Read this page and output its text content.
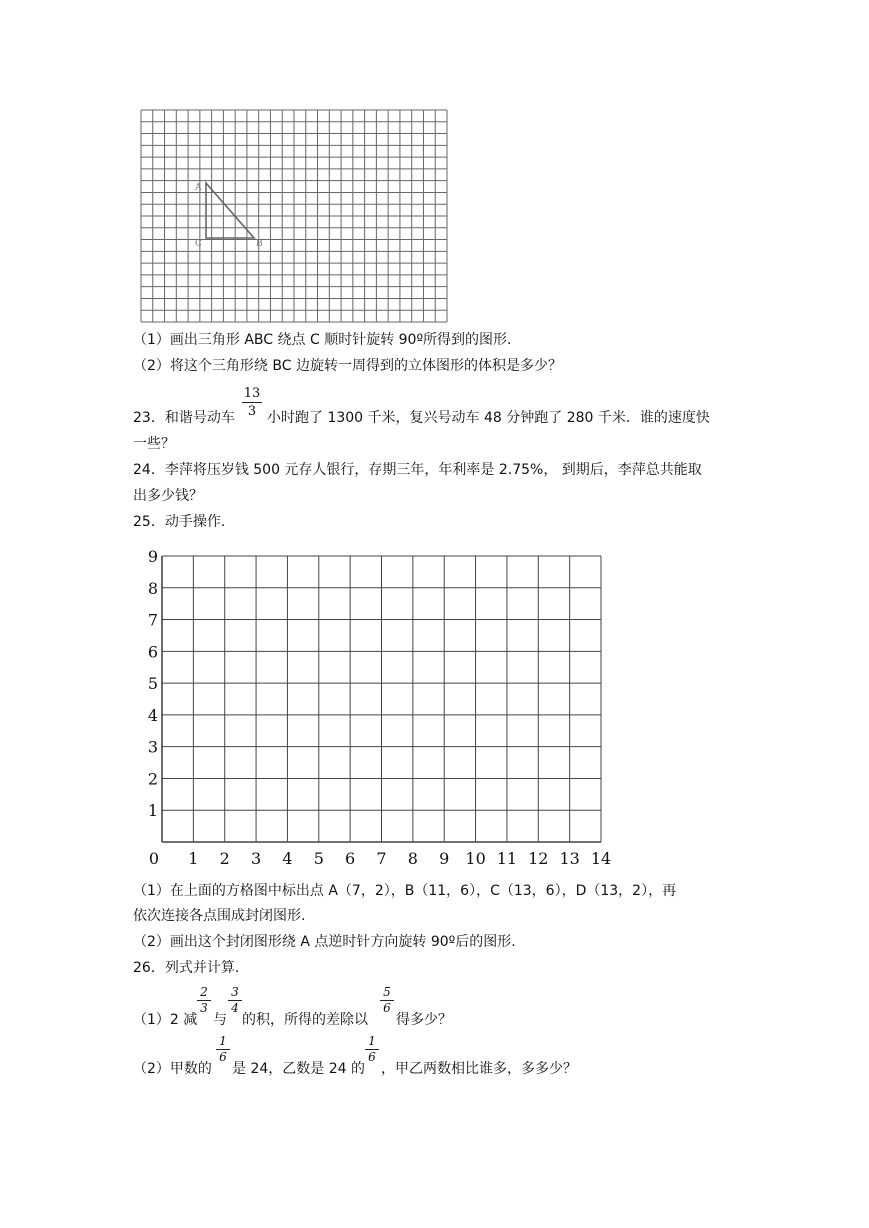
A
C	B
（1）画出三角形 ABC 绕点 C 顺时针旋转 90º所得到的图形.
（2）将这个三角形绕 BC 边旋转一周得到的立体图形的体积是多少？
23．和谐号动车
13
3 小时跑了 1300 千米，复兴号动车 48 分钟跑了 280 千米．谁的速度快
一些？
24．李萍将压岁钱 500 元存人银行，存期三年，年利率是 2.75%， 到期后，李萍总共能取
出多少钱？
25．动手操作.
0 1 2 3 4 5 6 7 8 9 10 11 12 13 14
1
2
3
4
5
6
7
8
9
（1）在上面的方格图中标出点 A（7，2），B（11，6），C（13，6），D（13，2），再
依次连接各点围成封闭图形.
（2）画出这个封闭图形绕 A 点逆时针方向旋转 90º后的图形.
26．列式并计算.
（1）2 减
2
3
与
3
4
的积，所得的差除以
5
6
得多少？
（2）甲数的
1
6
是 24，乙数是 24 的
1
6
，甲乙两数相比谁多，多多少？
